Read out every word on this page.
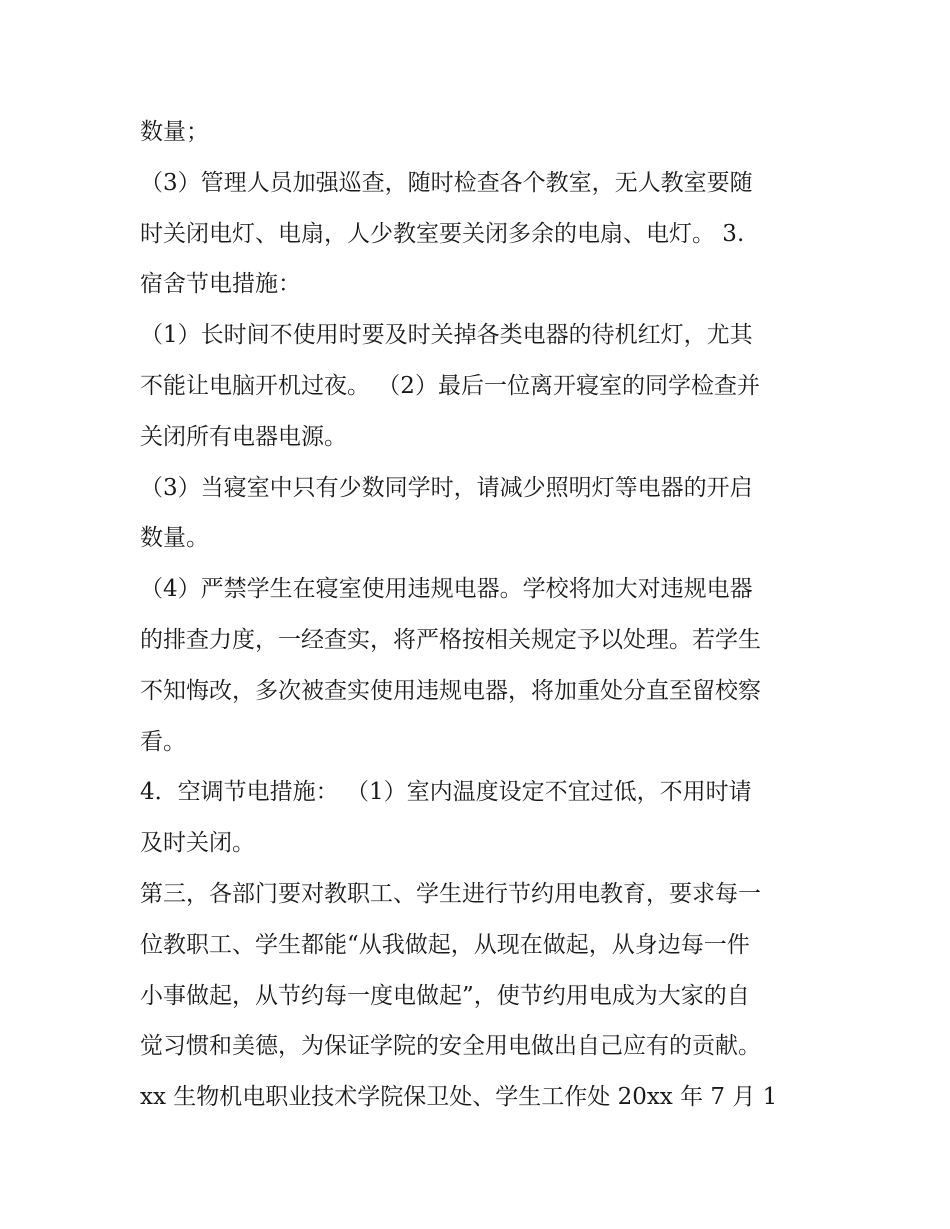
数量；
（3）管理人员加强巡查，随时检查各个教室，无人教室要随
时关闭电灯、电扇，人少教室要关闭多余的电扇、电灯。 3.
宿舍节电措施：
（1）长时间不使用时要及时关掉各类电器的待机红灯，尤其
不能让电脑开机过夜。 （2）最后一位离开寝室的同学检查并
关闭所有电器电源。
（3）当寝室中只有少数同学时，请减少照明灯等电器的开启
数量。
（4）严禁学生在寝室使用违规电器。学校将加大对违规电器
的排查力度，一经查实，将严格按相关规定予以处理。若学生
不知悔改，多次被查实使用违规电器，将加重处分直至留校察
看。
4．空调节电措施： （1）室内温度设定不宜过低，不用时请
及时关闭。
第三，各部门要对教职工、学生进行节约用电教育，要求每一
位教职工、学生都能“从我做起，从现在做起，从身边每一件
小事做起，从节约每一度电做起”，使节约用电成为大家的自
觉习惯和美德，为保证学院的安全用电做出自己应有的贡献。
xx 生物机电职业技术学院保卫处、学生工作处 20xx 年 7 月 1
